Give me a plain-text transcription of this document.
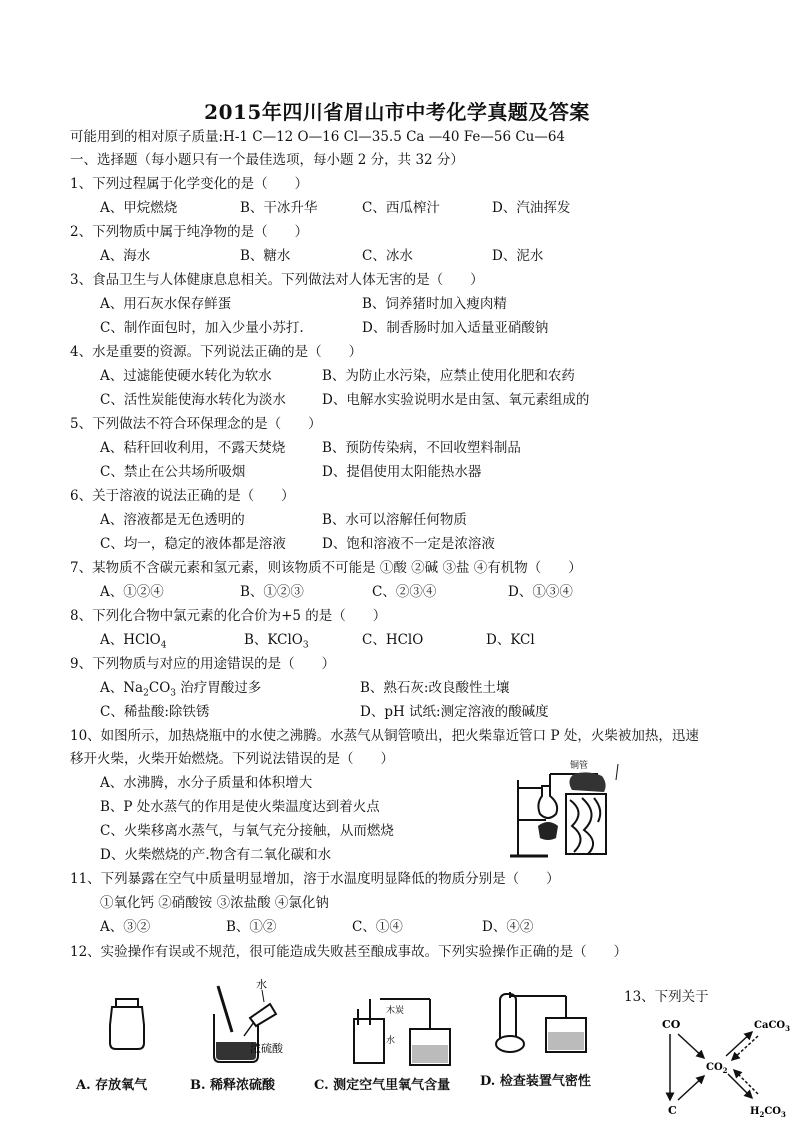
2015年四川省眉山市中考化学真题及答案
可能用到的相对原子质量:H-1 C—12 O—16 Cl—35.5 Ca —40 Fe—56 Cu—64
一、选择题（每小题只有一个最佳选项，每小题 2 分，共 32 分）
1、下列过程属于化学变化的是（　　）
A、甲烷燃烧	B、干冰升华	C、西瓜榨汁	D、汽油挥发
2、下列物质中属于纯净物的是（　　）
A、海水	B、糖水	C、冰水	D、泥水
3、食品卫生与人体健康息息相关。下列做法对人体无害的是（　　）
A、用石灰水保存鲜蛋	B、饲养猪时加入瘦肉精
C、制作面包时，加入少量小苏打.	D、制香肠时加入适量亚硝酸钠
4、水是重要的资源。下列说法正确的是（　　）
A、过滤能使硬水转化为软水	B、为防止水污染，应禁止使用化肥和农药
C、活性炭能使海水转化为淡水	D、电解水实验说明水是由氢、氧元素组成的
5、下列做法不符合环保理念的是（　　）
A、秸秆回收利用，不露天焚烧	B、预防传染病，不回收塑料制品
C、禁止在公共场所吸烟	D、提倡使用太阳能热水器
6、关于溶液的说法正确的是（　　）
A、溶液都是无色透明的	B、水可以溶解任何物质
C、均一，稳定的液体都是溶液	D、饱和溶液不一定是浓溶液
7、某物质不含碳元素和氢元素，则该物质不可能是 ①酸 ②碱 ③盐 ④有机物（　　）
A、①②④	B、①②③	C、②③④	D、①③④
8、下列化合物中氯元素的化合价为+5 的是（　　）
A、HClO$_4$	B、KClO$_3$	C、HClO	D、KCl
9、下列物质与对应的用途错误的是（　　）
A、$Na_2CO_3$ 治疗胃酸过多	B、熟石灰:改良酸性土壤
C、稀盐酸:除铁锈	D、pH 试纸:测定溶液的酸碱度
10、如图所示，加热烧瓶中的水使之沸腾。水蒸气从铜管喷出，把火柴靠近管口 P 处，火柴被加热，迅速
移开火柴，火柴开始燃烧。下列说法错误的是（　　）
A、水沸腾，水分子质量和体积增大
B、P 处水蒸气的作用是使火柴温度达到着火点
C、火柴移离水蒸气，与氧气充分接触，从而燃烧
D、火柴燃烧的产.物含有二氧化碳和水
铜管
11、下列暴露在空气中质量明显增加，溶于水温度明显降低的物质分别是（　　）
①氧化钙 ②硝酸铵 ③浓盐酸 ④氯化钠
A、③②	B、①②	C、①④	D、④②
12、实验操作有误或不规范，很可能造成失败甚至酿成事故。下列实验操作正确的是（　　）
A. 存放氧气
水
浓硫酸
B. 稀释浓硫酸
木炭
水
C. 测定空气里氧气含量 D. 检查装置气密性
13、下列关于
CO	CaCO$_3$
$CO_2$
C	$H_2CO_3$
